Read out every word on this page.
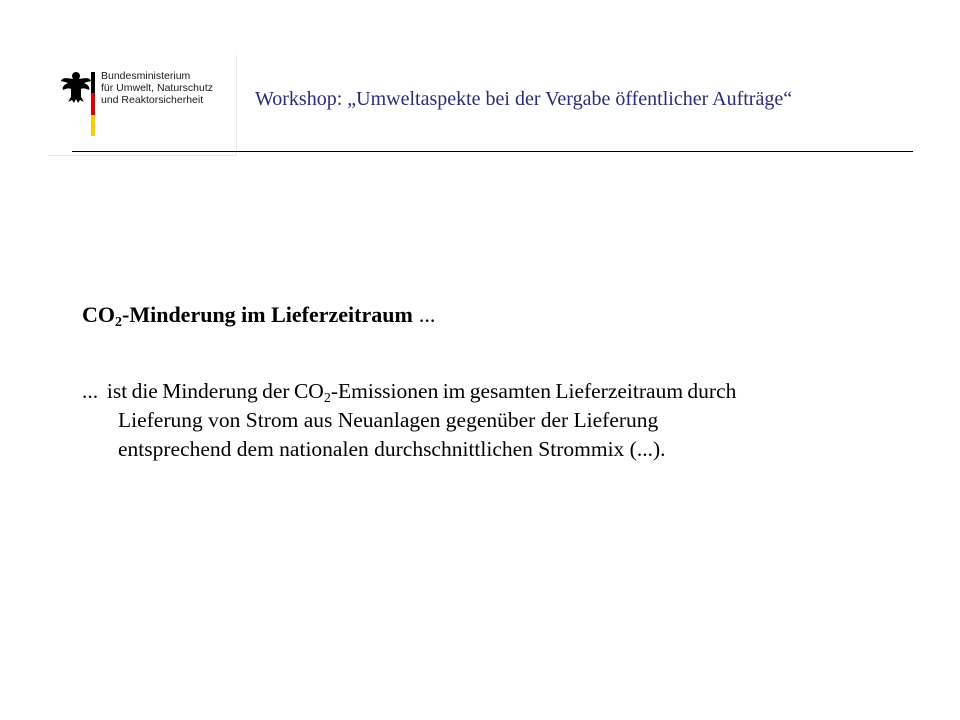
Bundesministerium
für Umwelt, Naturschutz
und Reaktorsicherheit	Workshop: „Umweltaspekte bei der Vergabe öffentlicher Aufträge“
$CO_2$-Minderung im Lieferzeitraum ...
...  ist die Minderung der $CO_2$-Emissionen im gesamten Lieferzeitraum durch
Lieferung von Strom aus Neuanlagen gegenüber der Lieferung
entsprechend dem nationalen durchschnittlichen Strommix (...).
